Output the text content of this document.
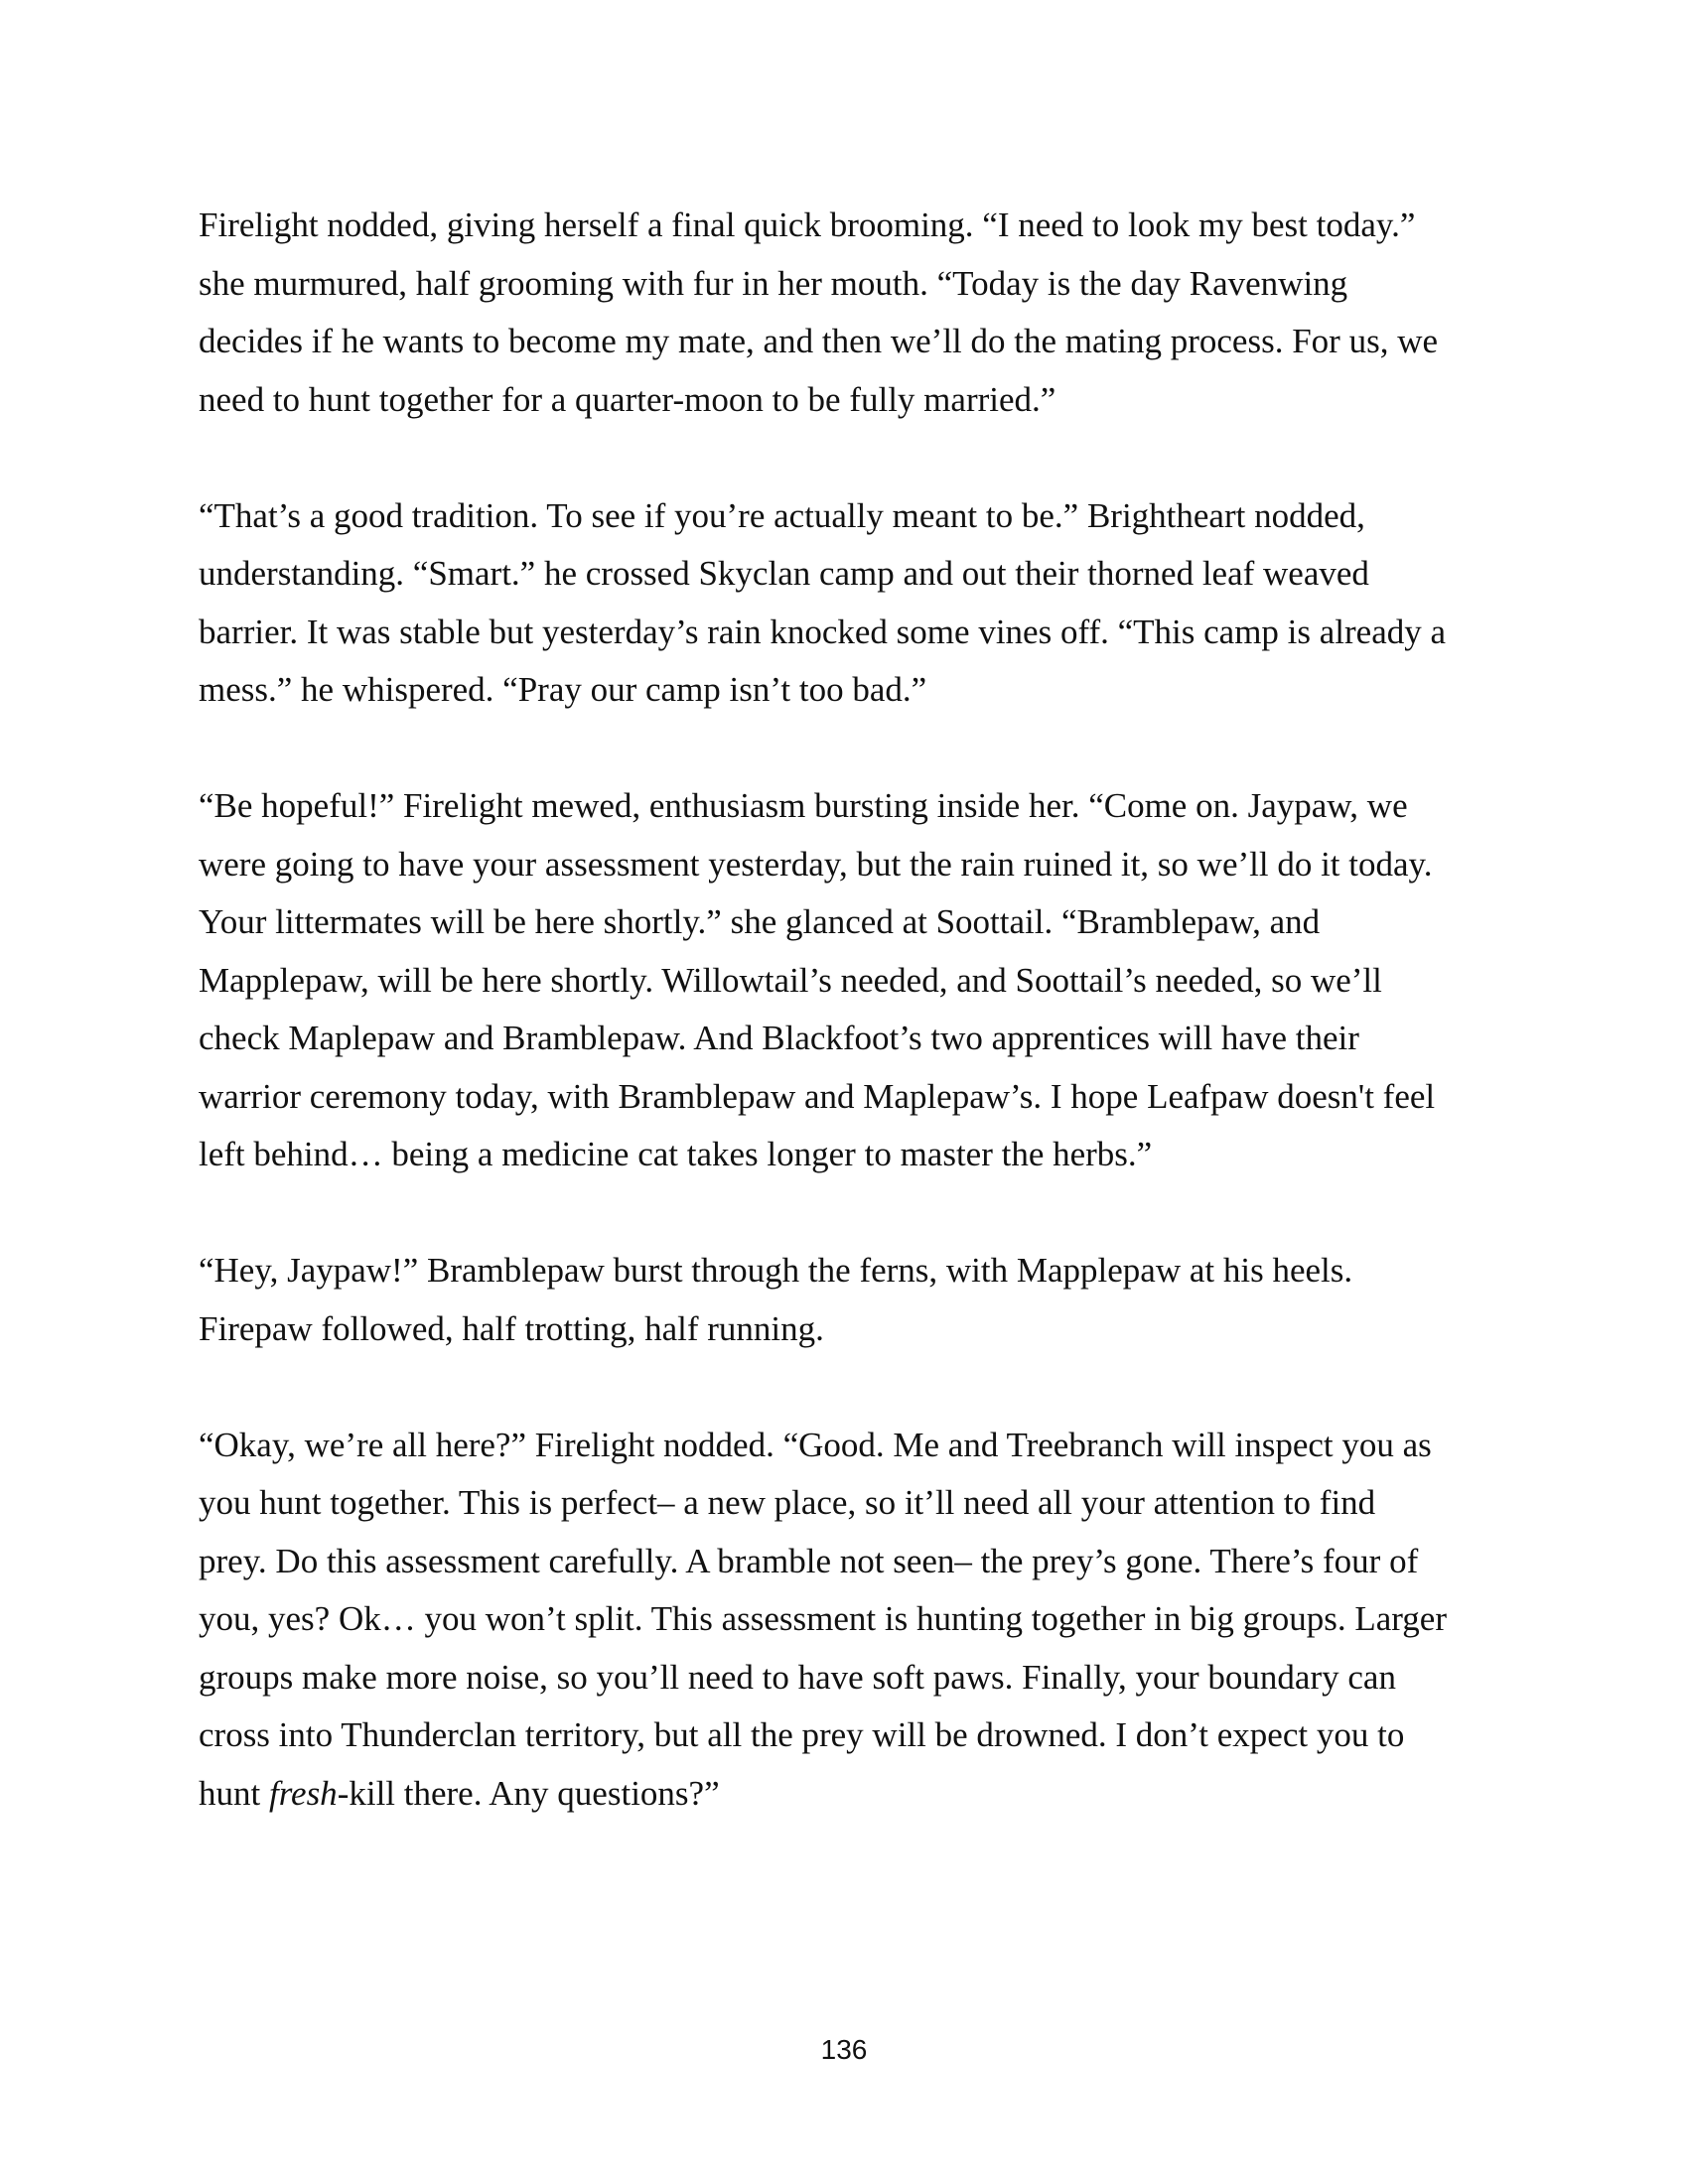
Firelight nodded, giving herself a final quick brooming. “I need to look my best today.”
she murmured, half grooming with fur in her mouth. “Today is the day Ravenwing
decides if he wants to become my mate, and then we’ll do the mating process. For us, we
need to hunt together for a quarter-moon to be fully married.”

“That’s a good tradition. To see if you’re actually meant to be.” Brightheart nodded,
understanding. “Smart.” he crossed Skyclan camp and out their thorned leaf weaved
barrier. It was stable but yesterday’s rain knocked some vines off. “This camp is already a
mess.” he whispered. “Pray our camp isn’t too bad.”

“Be hopeful!” Firelight mewed, enthusiasm bursting inside her. “Come on. Jaypaw, we
were going to have your assessment yesterday, but the rain ruined it, so we’ll do it today.
Your littermates will be here shortly.” she glanced at Soottail. “Bramblepaw, and
Mapplepaw, will be here shortly. Willowtail’s needed, and Soottail’s needed, so we’ll
check Maplepaw and Bramblepaw. And Blackfoot’s two apprentices will have their
warrior ceremony today, with Bramblepaw and Maplepaw’s. I hope Leafpaw doesn't feel
left behind… being a medicine cat takes longer to master the herbs.”

“Hey, Jaypaw!” Bramblepaw burst through the ferns, with Mapplepaw at his heels.
Firepaw followed, half trotting, half running.

“Okay, we’re all here?” Firelight nodded. “Good. Me and Treebranch will inspect you as
you hunt together. This is perfect– a new place, so it’ll need all your attention to find
prey. Do this assessment carefully. A bramble not seen– the prey’s gone. There’s four of
you, yes? Ok… you won’t split. This assessment is hunting together in big groups. Larger
groups make more noise, so you’ll need to have soft paws. Finally, your boundary can
cross into Thunderclan territory, but all the prey will be drowned. I don’t expect you to
hunt fresh-kill there. Any questions?”

136
